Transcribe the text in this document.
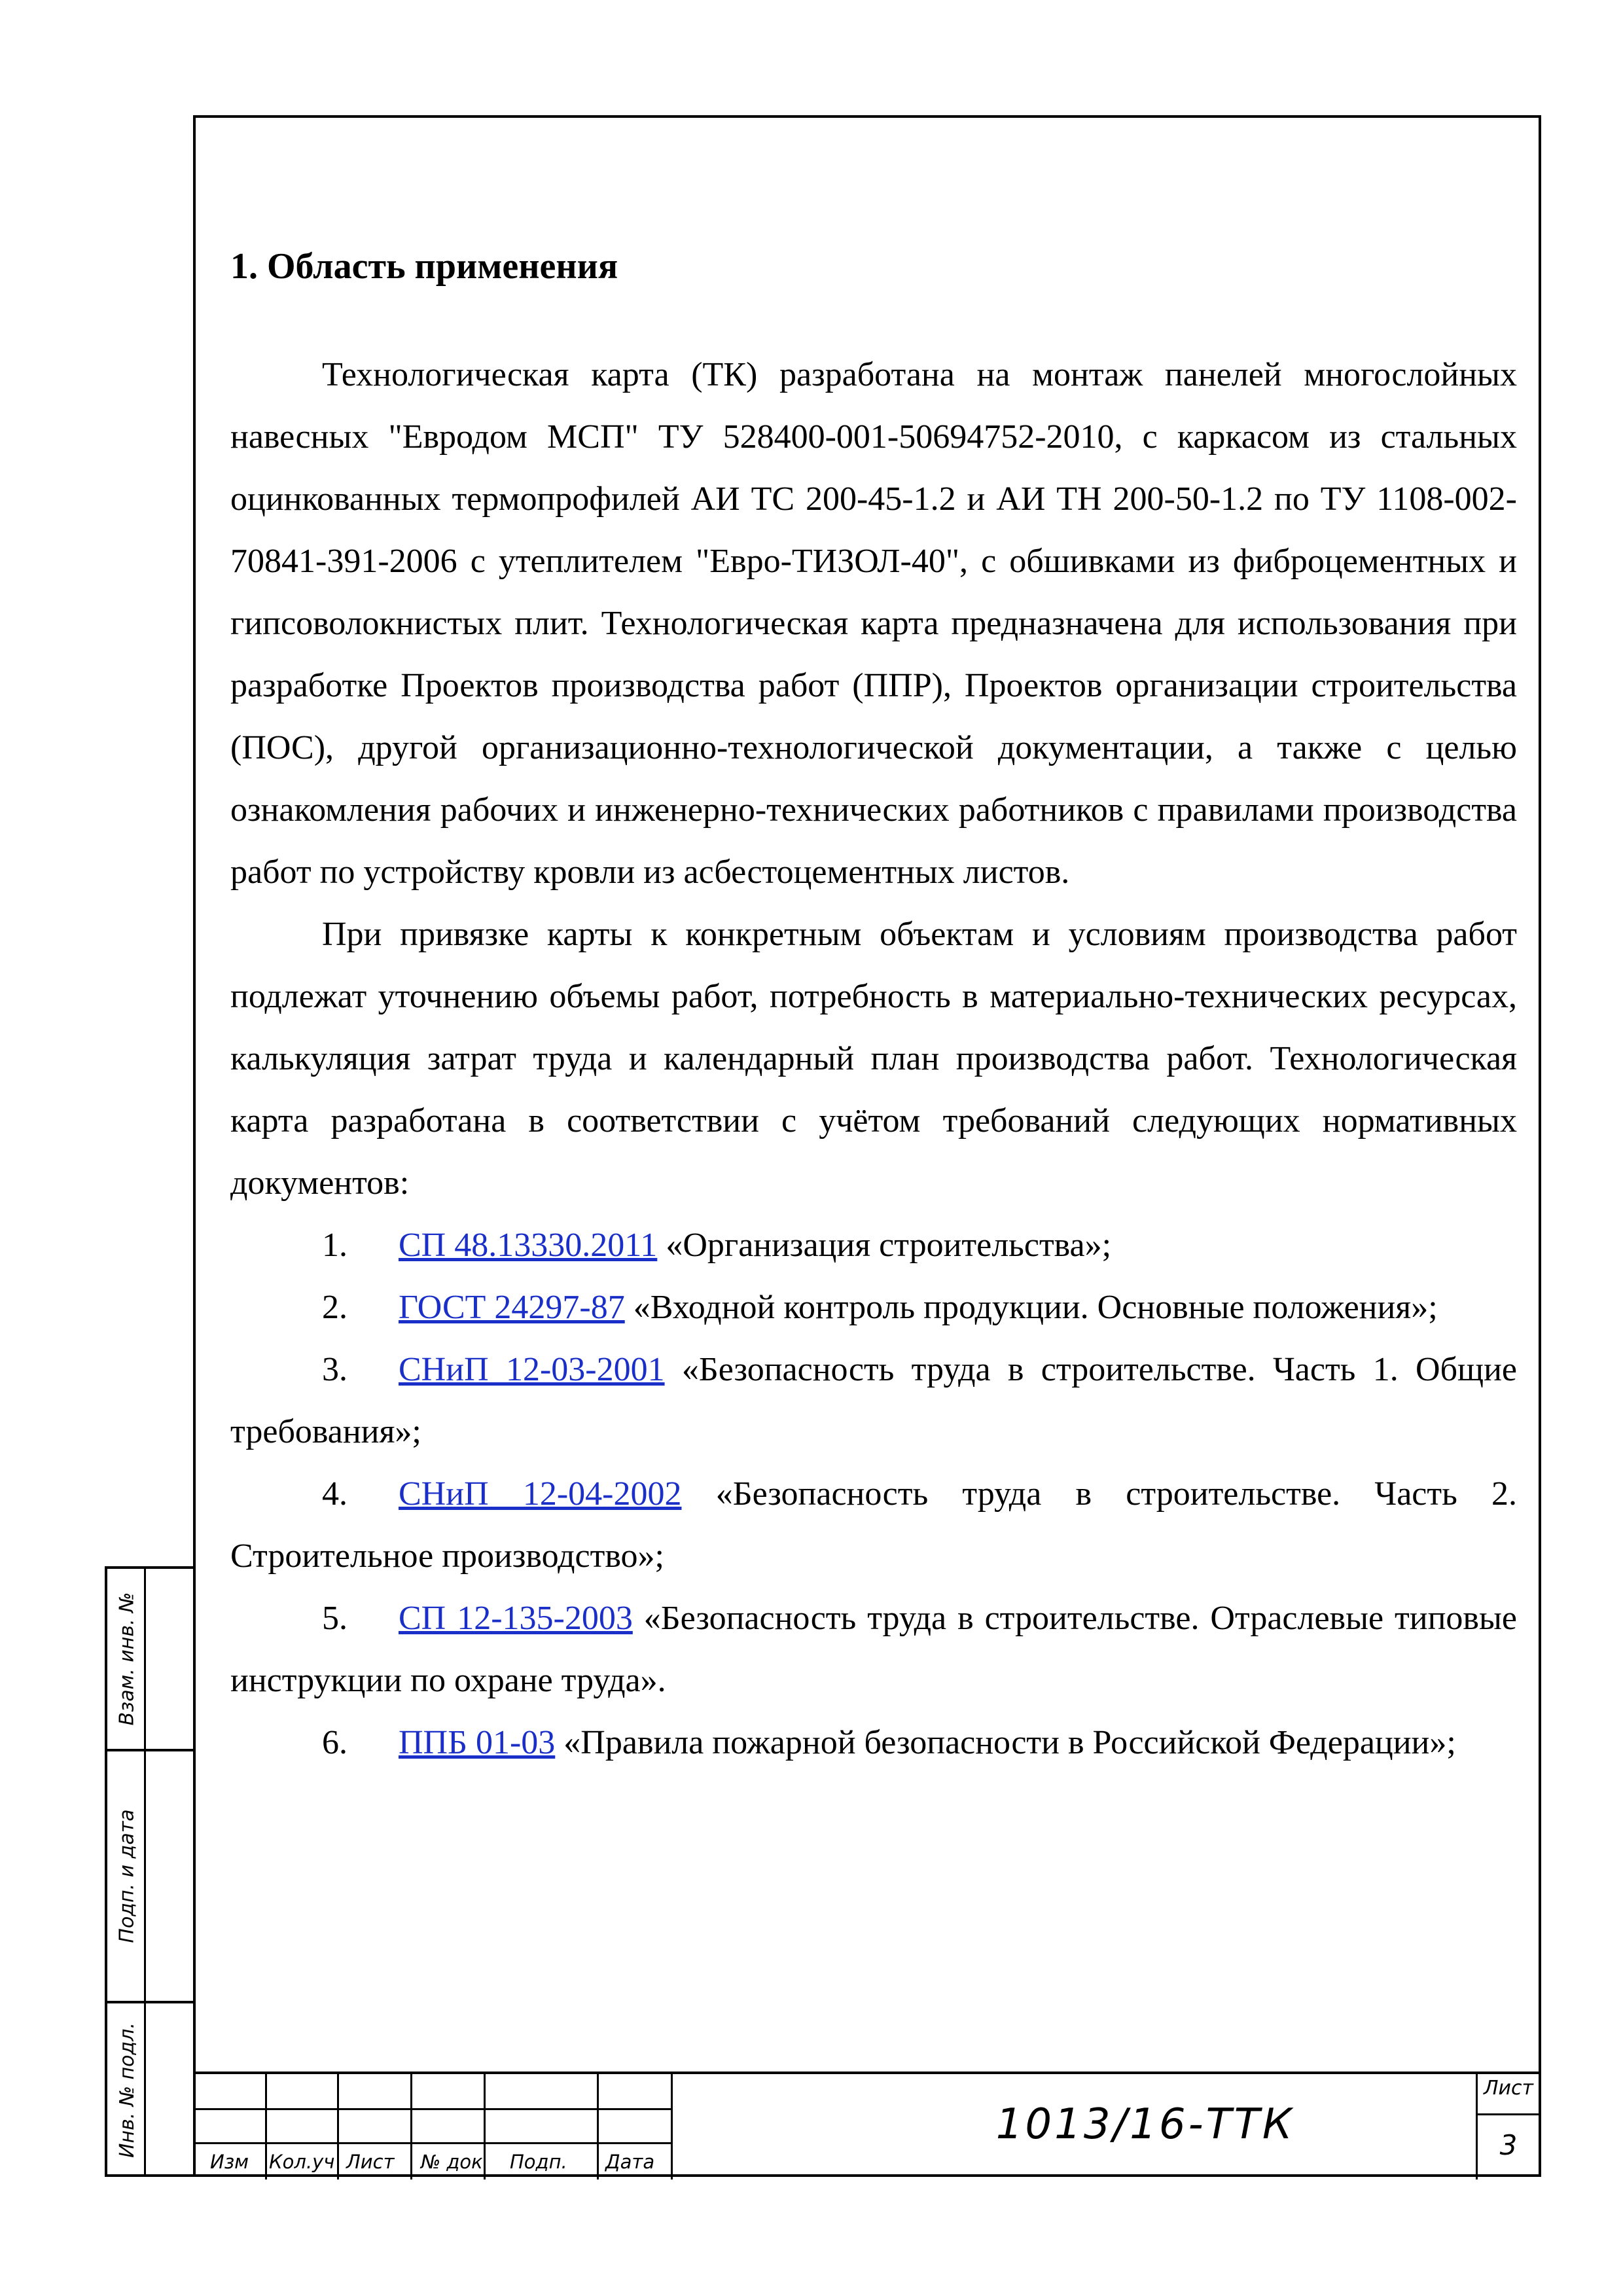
1. Область применения

Технологическая карта (ТК) разработана на монтаж панелей многослойных навесных "Евродом МСП" ТУ 528400-001-50694752-2010, с каркасом из стальных оцинкованных термопрофилей АИ ТС 200-45-1.2 и АИ ТН 200-50-1.2 по ТУ 1108-002-70841-391-2006 с утеплителем "Евро-ТИЗОЛ-40", с обшивками из фиброцементных и гипсоволокнистых плит. Технологическая карта предназначена для использования при разработке Проектов производства работ (ППР), Проектов организации строительства (ПОС), другой организационно-технологической документации, а также с целью ознакомления рабочих и инженерно-технических работников с правилами производства работ по устройству кровли из асбестоцементных листов.

При привязке карты к конкретным объектам и условиям производства работ подлежат уточнению объемы работ, потребность в материально-технических ресурсах, калькуляция затрат труда и календарный план производства работ. Технологическая карта разработана в соответствии с учётом требований следующих нормативных документов:

1.   СП 48.13330.2011 «Организация строительства»;

2.   ГОСТ 24297-87 «Входной контроль продукции. Основные положения»;

3.   СНиП 12-03-2001 «Безопасность труда в строительстве. Часть 1. Общие требования»;

4.   СНиП 12-04-2002 «Безопасность труда в строительстве. Часть 2. Строительное производство»;

5.   СП 12-135-2003 «Безопасность труда в строительстве. Отраслевые типовые инструкции по охране труда».

6.   ППБ 01-03 «Правила пожарной безопасности в Российской Федерации»;

Взам. инв. №
Подп. и дата
Инв. № подл.
Изм Кол.уч Лист № док Подп. Дата
1013/16-ТТК
Лист
3
